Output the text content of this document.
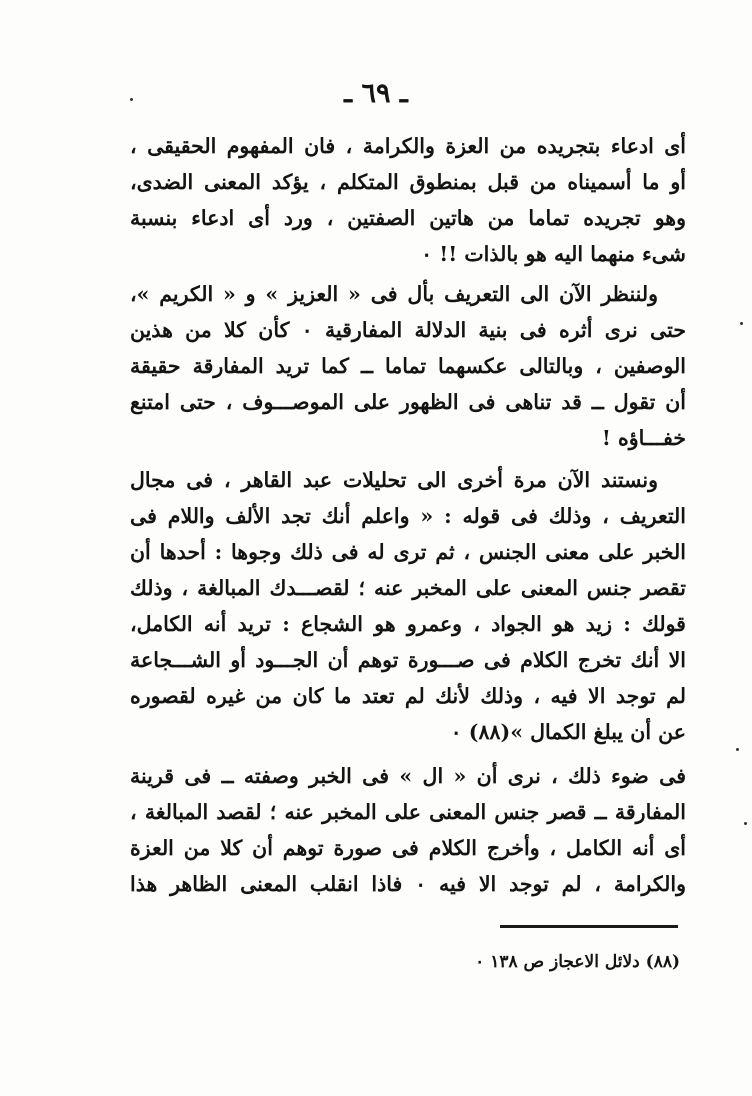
ـ ٦٩ ـ
أى ادعاء بتجريده من العزة والكرامة ، فان المفهوم الحقيقى ،
أو ما أسميناه من قبل بمنطوق المتكلم ، يؤكد المعنى الضدى،
وهو تجريده تماما من هاتين الصفتين ، ورد أى ادعاء بنسبة
شىء منهما اليه هو بالذات !! ٠
ولننظر الآن الى التعريف بأل فى « العزيز » و « الكريم »،
حتى نرى أثره فى بنية الدلالة المفارقية ٠ كأن كلا من هذين
الوصفين ، وبالتالى عكسهما تماما ــ كما تريد المفارقة حقيقة
أن تقول ــ قد تناهى فى الظهور على الموصـــوف ، حتى امتنع
خفـــاؤه !
ونستند الآن مرة أخرى الى تحليلات عبد القاهر ، فى مجال
التعريف ، وذلك فى قوله : « واعلم أنك تجد الألف واللام فى
الخبر على معنى الجنس ، ثم ترى له فى ذلك وجوها : أحدها أن
تقصر جنس المعنى على المخبر عنه ؛ لقصـــدك المبالغة ، وذلك
قولك : زيد هو الجواد ، وعمرو هو الشجاع : تريد أنه الكامل،
الا أنك تخرج الكلام فى صـــورة توهم أن الجـــود أو الشـــجاعة
لم توجد الا فيه ، وذلك لأنك لم تعتد ما كان من غيره لقصوره
عن أن يبلغ الكمال »(٨٨) ٠
فى ضوء ذلك ، نرى أن « ال » فى الخبر وصفته ــ فى قرينة
المفارقة ــ قصر جنس المعنى على المخبر عنه ؛ لقصد المبالغة ،
أى أنه الكامل ، وأخرج الكلام فى صورة توهم أن كلا من العزة
والكرامة ، لم توجد الا فيه ٠ فاذا انقلب المعنى الظاهر هذا
(٨٨) دلائل الاعجاز ص ١٣٨ ٠
